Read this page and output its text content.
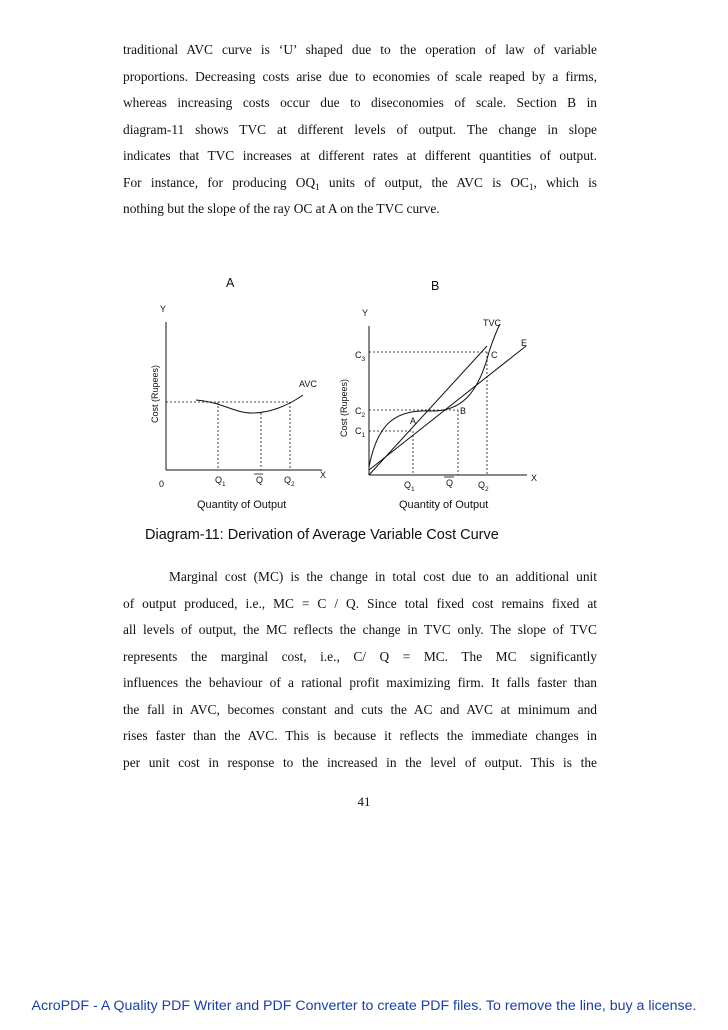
traditional AVC curve is ‘U’ shaped due to the operation of law of variable
proportions. Decreasing costs arise due to economies of scale reaped by a firms,
whereas increasing costs occur due to diseconomies of scale. Section B in
diagram-11 shows TVC at different levels of output. The change in slope
indicates that TVC increases at different rates at different quantities of output.
For instance, for producing $OQ_1$ units of output, the AVC is $OC_1$, which is
nothing but the slope of the ray OC at A on the TVC curve.
A
Y
X
0
Cost (Rupees)	AVC
$Q_1$	Q $Q_2$
Quantity of Output
B
Y
X
Cost (Rupees)
E
TVC
$C_3$
$C_2$
$C_1$
A
B
C
$Q_1$
Q	$Q_2$
Quantity of Output
Diagram-11: Derivation of Average Variable Cost Curve
Marginal cost (MC) is the change in total cost due to an additional unit
of output produced, i.e., MC = C / Q. Since total fixed cost remains fixed at
all levels of output, the MC reflects the change in TVC only. The slope of TVC
represents the marginal cost, i.e., C/ Q = MC. The MC significantly
influences the behaviour of a rational profit maximizing firm. It falls faster than
the fall in AVC, becomes constant and cuts the AC and AVC at minimum and
rises faster than the AVC. This is because it reflects the immediate changes in
per unit cost in response to the increased in the level of output. This is the
41
AcroPDF - A Quality PDF Writer and PDF Converter to create PDF files. To remove the line, buy a license.
